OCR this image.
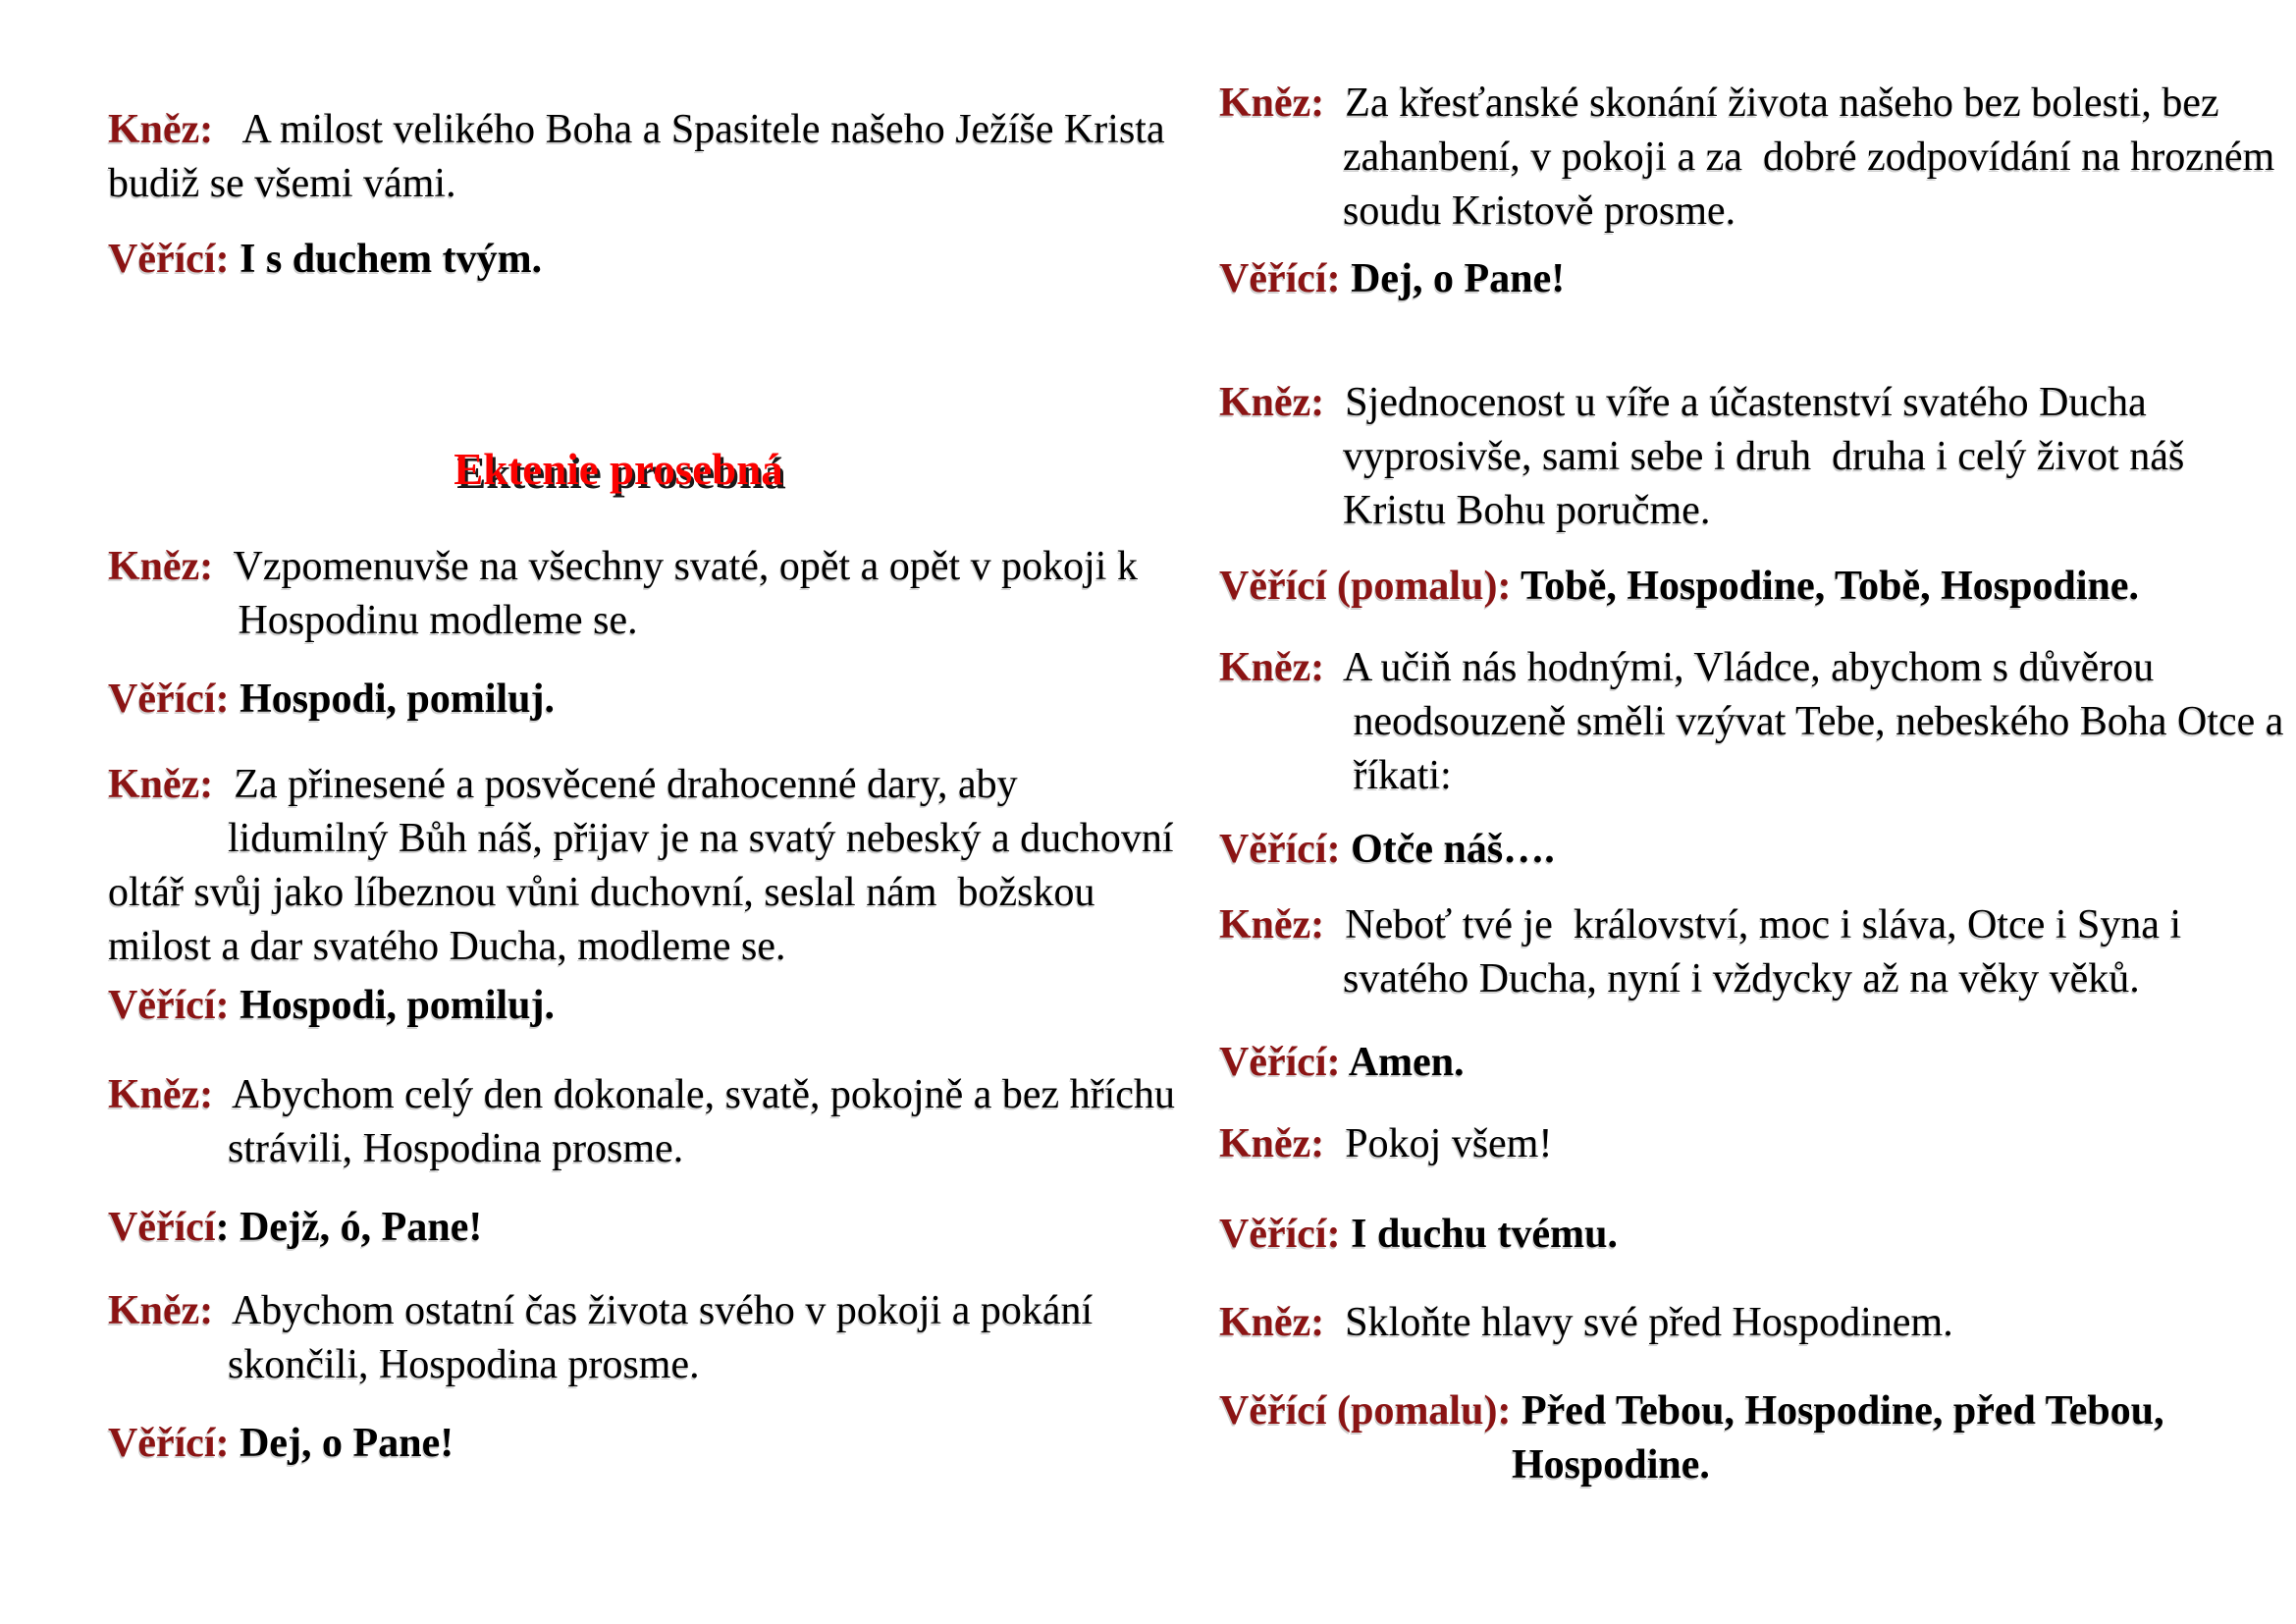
Ektenie prosebná
Kněz:   A milost velikého Boha a Spasitele našeho Ježíše Krista
budiž se všemi vámi.
Věřící: I s duchem tvým.
Kněz:  Vzpomenuvše na všechny svaté, opět a opět v pokoji k
Hospodinu modleme se.
Věřící: Hospodi, pomiluj.
Kněz:  Za přinesené a posvěcené drahocenné dary, aby
lidumilný Bůh náš, přijav je na svatý nebeský a duchovní
oltář svůj jako líbeznou vůni duchovní, seslal nám  božskou
milost a dar svatého Ducha, modleme se.
Věřící: Hospodi, pomiluj.
Kněz:  Abychom celý den dokonale, svatě, pokojně a bez hříchu
strávili, Hospodina prosme.
Věřící: Dejž, ó, Pane!
Kněz:  Abychom ostatní čas života svého v pokoji a pokání
skončili, Hospodina prosme.
Věřící: Dej, o Pane!
Kněz:  Za křesťanské skonání života našeho bez bolesti, bez
zahanbení, v pokoji a za  dobré zodpovídání na hrozném
soudu Kristově prosme.
Věřící: Dej, o Pane!
Kněz:  Sjednocenost u víře a účastenství svatého Ducha
vyprosivše, sami sebe i druh  druha i celý život náš
Kristu Bohu poručme.
Věřící (pomalu): Tobě, Hospodine, Tobě, Hospodine.
Kněz:  A učiň nás hodnými, Vládce, abychom s důvěrou
neodsouzeně směli vzývat Tebe, nebeského Boha Otce a
říkati:
Věřící: Otče náš….
Kněz:  Neboť tvé je  království, moc i sláva, Otce i Syna i
svatého Ducha, nyní i vždycky až na věky věků.
Věřící: Amen.
Kněz:  Pokoj všem!
Věřící: I duchu tvému.
Kněz:  Skloňte hlavy své před Hospodinem.
Věřící (pomalu): Před Tebou, Hospodine, před Tebou,
Hospodine.
